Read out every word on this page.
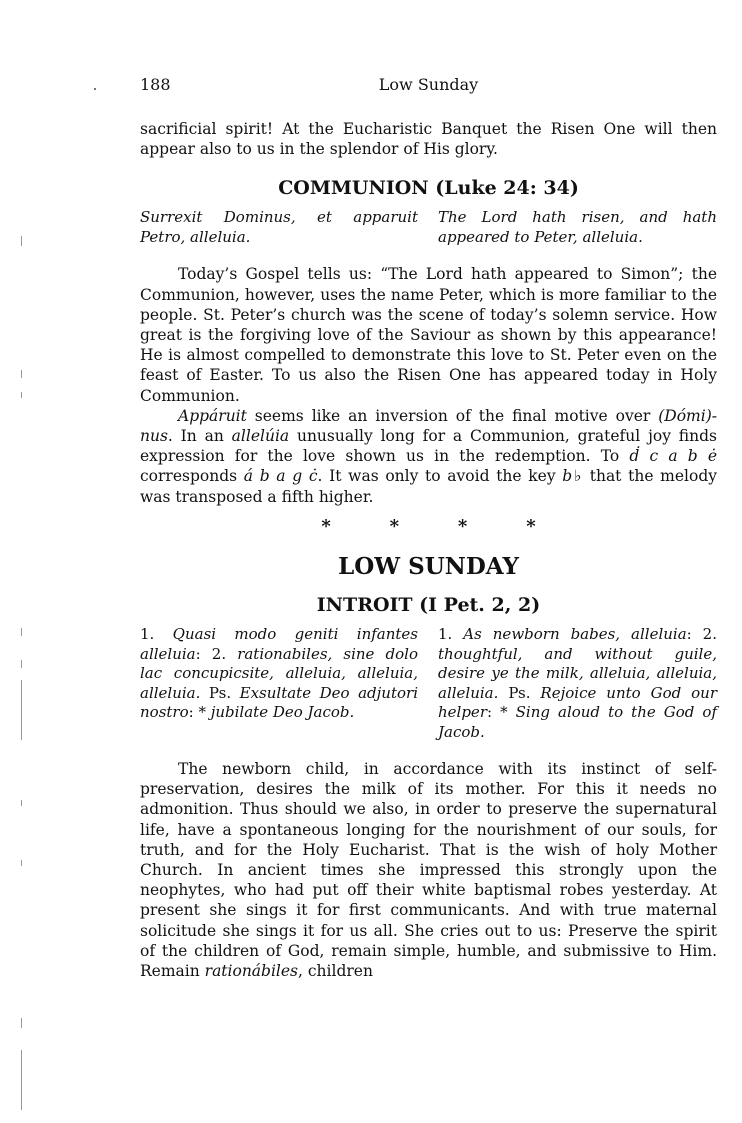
188	Low Sunday

sacrificial spirit! At the Eucharistic Banquet the Risen One will then appear also to us in the splendor of His glory.

COMMUNION (Luke 24: 34)
Surrexit Dominus, et apparuit Petro, alleluia.
The Lord hath risen, and hath appeared to Peter, alleluia.

Today’s Gospel tells us: “The Lord hath appeared to Simon”; the Communion, however, uses the name Peter, which is more familiar to the people. St. Peter’s church was the scene of today’s solemn service. How great is the forgiving love of the Saviour as shown by this appearance! He is almost compelled to demonstrate this love to St. Peter even on the feast of Easter. To us also the Risen One has appeared today in Holy Communion.

Appáruit seems like an inversion of the final motive over (Dómi)-nus. In an allelúia unusually long for a Communion, grateful joy finds expression for the love shown us in the redemption. To ḋ c a b ė corresponds á b a g ċ. It was only to avoid the key b♭ that the melody was transposed a fifth higher.

*	*	*	*
LOW SUNDAY
INTROIT (I Pet. 2, 2)
1. Quasi modo geniti infantes alleluia: 2. rationabiles, sine dolo lac concupicsite, alleluia, alleluia, alleluia. Ps. Exsultate Deo adjutori nostro: * jubilate Deo Jacob.
1. As newborn babes, alleluia: 2. thoughtful, and without guile, desire ye the milk, alleluia, alleluia, alleluia. Ps. Rejoice unto God our helper: * Sing aloud to the God of Jacob.

The newborn child, in accordance with its instinct of self-preservation, desires the milk of its mother. For this it needs no admonition. Thus should we also, in order to preserve the supernatural life, have a spontaneous longing for the nourishment of our souls, for truth, and for the Holy Eucharist. That is the wish of holy Mother Church. In ancient times she impressed this strongly upon the neophytes, who had put off their white baptismal robes yesterday. At present she sings it for first communicants. And with true maternal solicitude she sings it for us all. She cries out to us: Preserve the spirit of the children of God, remain simple, humble, and submissive to Him. Remain rationábiles, children
